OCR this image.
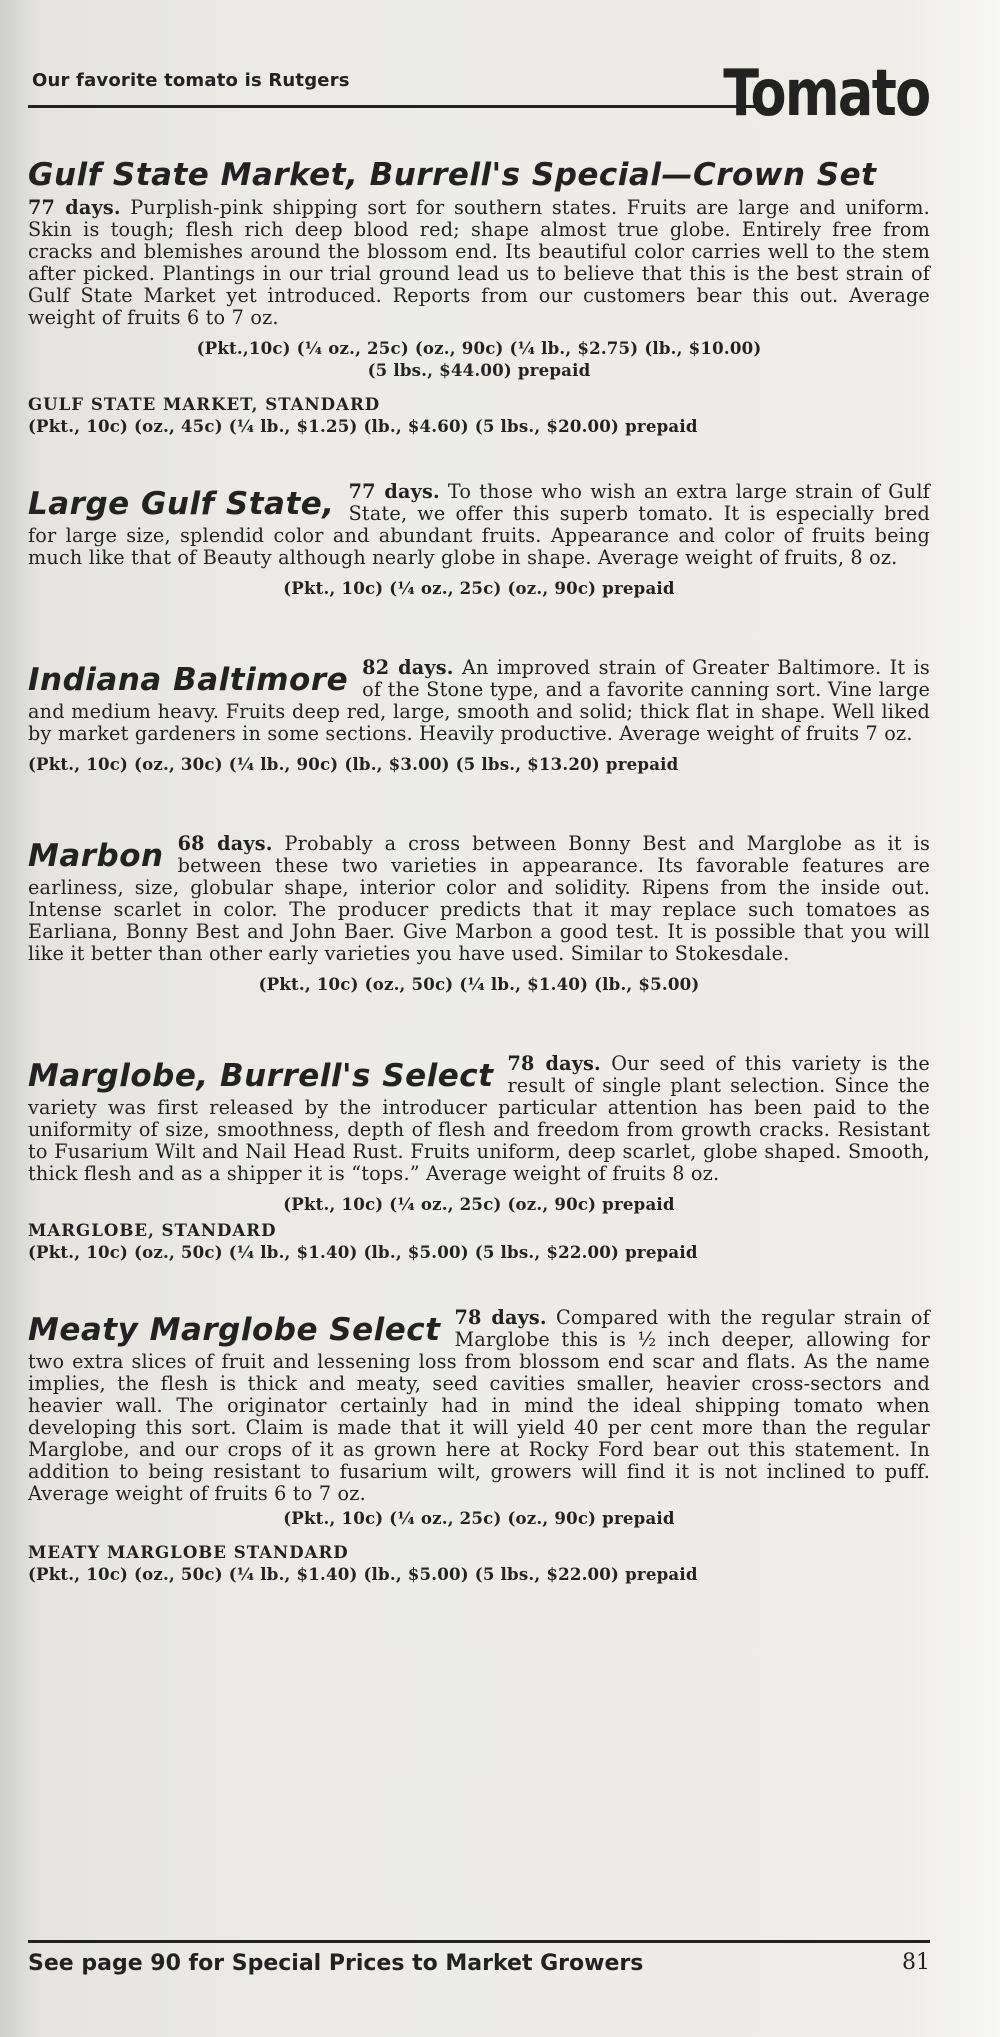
Our favorite tomato is Rutgers	Tomato
Gulf State Market, Burrell's Special—Crown Set
77 days. Purplish-pink shipping sort for southern states. Fruits are large and uniform. Skin is tough; flesh rich deep blood red; shape almost true globe. Entirely free from cracks and blemishes around the blossom end. Its beautiful color carries well to the stem after picked. Plantings in our trial ground lead us to believe that this is the best strain of Gulf State Market yet introduced. Reports from our customers bear this out. Average weight of fruits 6 to 7 oz.
(Pkt.,10c) (¼ oz., 25c) (oz., 90c) (¼ lb., $2.75) (lb., $10.00)
(5 lbs., $44.00) prepaid
GULF STATE MARKET, STANDARD
(Pkt., 10c) (oz., 45c) (¼ lb., $1.25) (lb., $4.60) (5 lbs., $20.00) prepaid
Large Gulf State, 77 days. To those who wish an extra large strain of Gulf State, we offer this superb tomato. It is especially bred for large size, splendid color and abundant fruits. Appearance and color of fruits being much like that of Beauty although nearly globe in shape. Average weight of fruits, 8 oz.
(Pkt., 10c) (¼ oz., 25c) (oz., 90c) prepaid
Indiana Baltimore 82 days. An improved strain of Greater Baltimore. It is of the Stone type, and a favorite canning sort. Vine large and medium heavy. Fruits deep red, large, smooth and solid; thick flat in shape. Well liked by market gardeners in some sections. Heavily productive. Average weight of fruits 7 oz.
(Pkt., 10c) (oz., 30c) (¼ lb., 90c) (lb., $3.00) (5 lbs., $13.20) prepaid
Marbon 68 days. Probably a cross between Bonny Best and Marglobe as it is between these two varieties in appearance. Its favorable features are earliness, size, globular shape, interior color and solidity. Ripens from the inside out. Intense scarlet in color. The producer predicts that it may replace such tomatoes as Earliana, Bonny Best and John Baer. Give Marbon a good test. It is possible that you will like it better than other early varieties you have used. Similar to Stokesdale.
(Pkt., 10c) (oz., 50c) (¼ lb., $1.40) (lb., $5.00)
Marglobe, Burrell's Select 78 days. Our seed of this variety is the result of single plant selection. Since the variety was first released by the introducer particular attention has been paid to the uniformity of size, smoothness, depth of flesh and freedom from growth cracks. Resistant to Fusarium Wilt and Nail Head Rust. Fruits uniform, deep scarlet, globe shaped. Smooth, thick flesh and as a shipper it is “tops.” Average weight of fruits 8 oz.
(Pkt., 10c) (¼ oz., 25c) (oz., 90c) prepaid
MARGLOBE, STANDARD
(Pkt., 10c) (oz., 50c) (¼ lb., $1.40) (lb., $5.00) (5 lbs., $22.00) prepaid
Meaty Marglobe Select 78 days. Compared with the regular strain of Marglobe this is ½ inch deeper, allowing for two extra slices of fruit and lessening loss from blossom end scar and flats. As the name implies, the flesh is thick and meaty, seed cavities smaller, heavier cross-sectors and heavier wall. The originator certainly had in mind the ideal shipping tomato when developing this sort. Claim is made that it will yield 40 per cent more than the regular Marglobe, and our crops of it as grown here at Rocky Ford bear out this statement. In addition to being resistant to fusarium wilt, growers will find it is not inclined to puff. Average weight of fruits 6 to 7 oz.
(Pkt., 10c) (¼ oz., 25c) (oz., 90c) prepaid
MEATY MARGLOBE STANDARD
(Pkt., 10c) (oz., 50c) (¼ lb., $1.40) (lb., $5.00) (5 lbs., $22.00) prepaid
See page 90 for Special Prices to Market Growers	81
